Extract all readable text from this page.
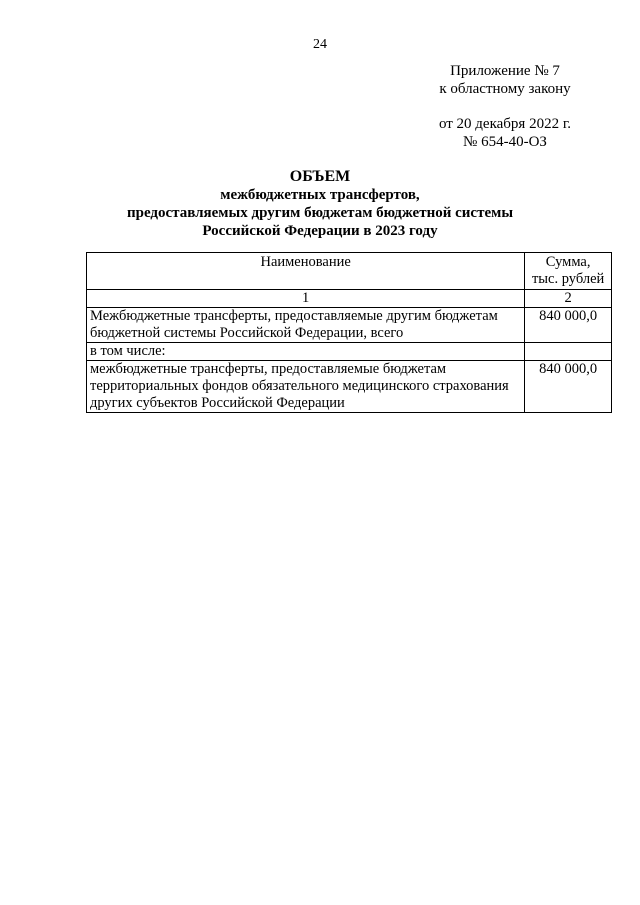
24
Приложение № 7
к областному закону
от 20 декабря 2022 г.
№ 654-40-ОЗ
ОБЪЕМ
межбюджетных трансфертов,
предоставляемых другим бюджетам бюджетной системы
Российской Федерации в 2023 году
Наименование	Сумма,
тыс. рублей

1	2
Межбюджетные трансферты, предоставляемые другим бюджетам бюджетной системы Российской Федерации, всего	840 000,0
в том числе:	
межбюджетные трансферты, предоставляемые бюджетам территориальных фондов обязательного медицинского страхования других субъектов Российской Федерации	840 000,0
